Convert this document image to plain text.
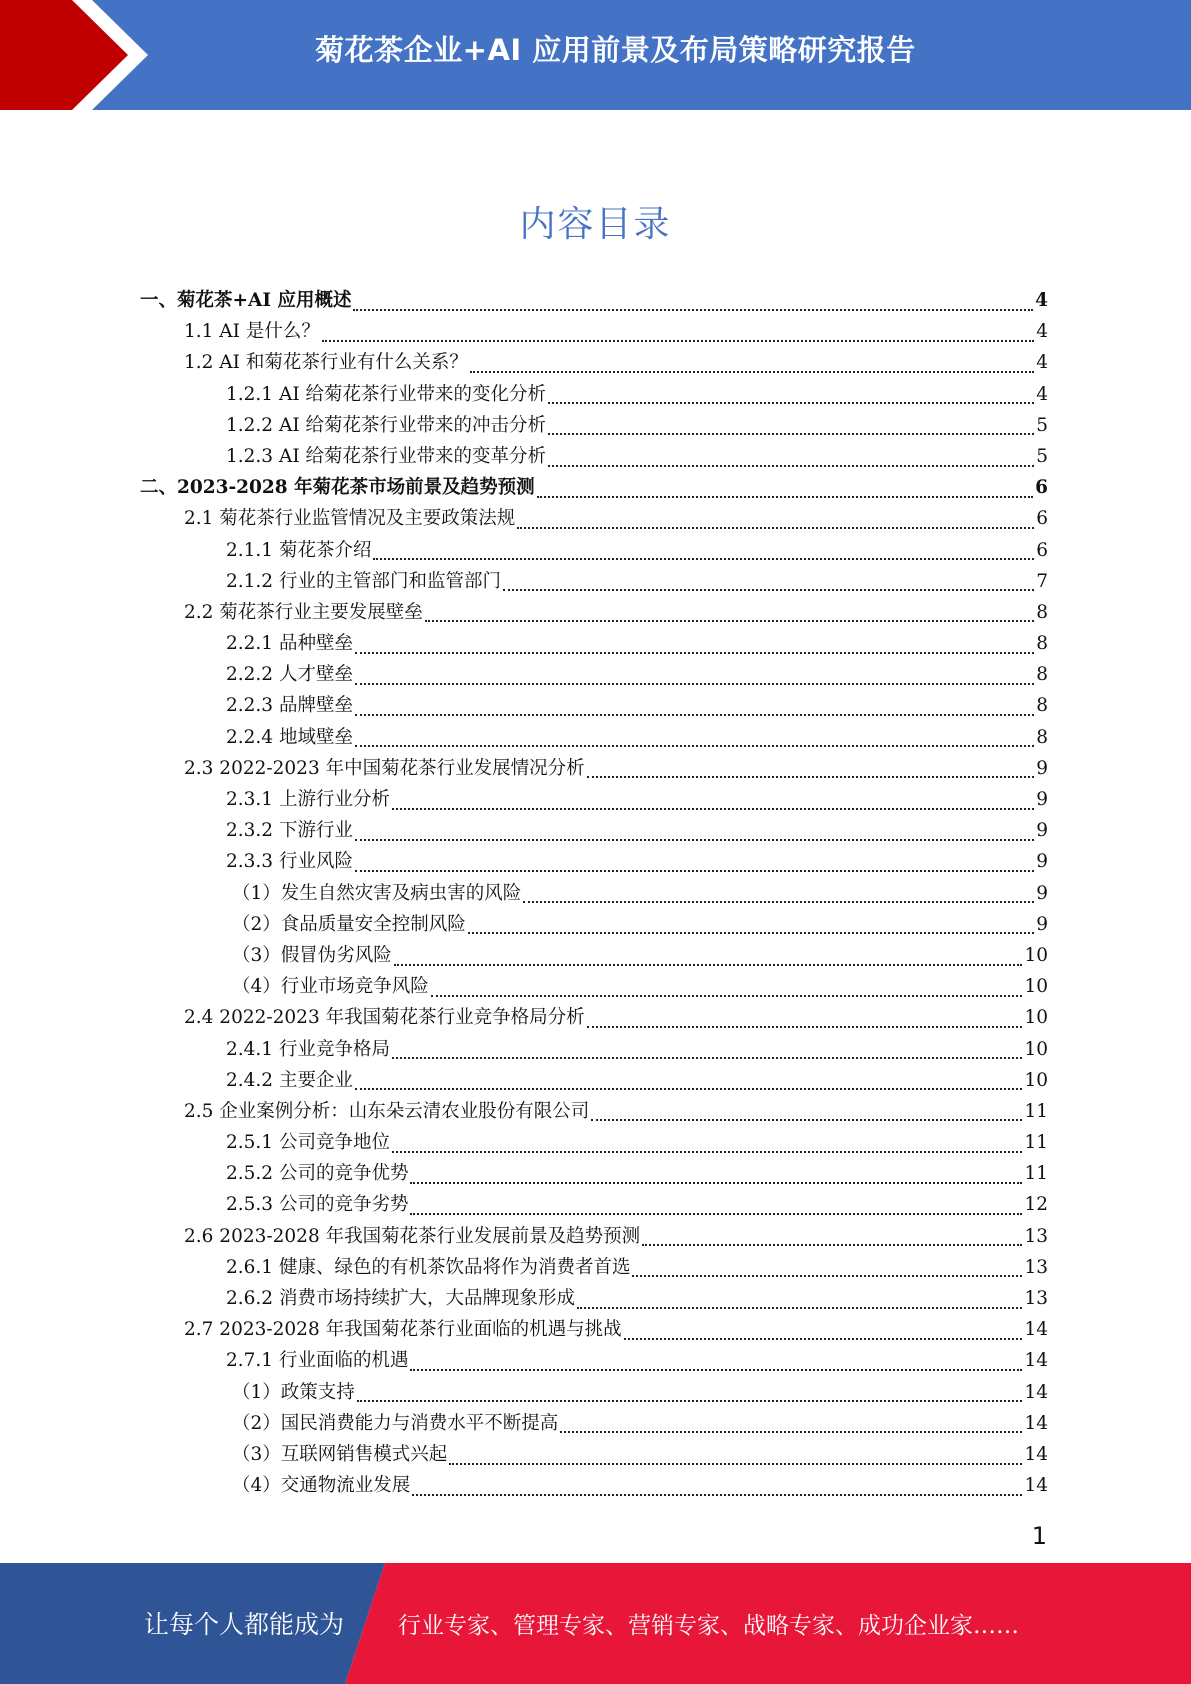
菊花茶企业+AI 应用前景及布局策略研究报告
内容目录
一、菊花茶+AI 应用概述	4
1.1 AI 是什么？	4
1.2 AI 和菊花茶行业有什么关系？	4
1.2.1 AI 给菊花茶行业带来的变化分析	4
1.2.2 AI 给菊花茶行业带来的冲击分析	5
1.2.3 AI 给菊花茶行业带来的变革分析	5
二、2023-2028 年菊花茶市场前景及趋势预测	6
2.1 菊花茶行业监管情况及主要政策法规	6
2.1.1 菊花茶介绍	6
2.1.2 行业的主管部门和监管部门	7
2.2 菊花茶行业主要发展壁垒	8
2.2.1 品种壁垒	8
2.2.2 人才壁垒	8
2.2.3 品牌壁垒	8
2.2.4 地域壁垒	8
2.3 2022-2023 年中国菊花茶行业发展情况分析	9
2.3.1 上游行业分析	9
2.3.2 下游行业	9
2.3.3 行业风险	9
（1）发生自然灾害及病虫害的风险	9
（2）食品质量安全控制风险	9
（3）假冒伪劣风险	10
（4）行业市场竞争风险	10
2.4 2022-2023 年我国菊花茶行业竞争格局分析	10
2.4.1 行业竞争格局	10
2.4.2 主要企业	10
2.5 企业案例分析：山东朵云清农业股份有限公司	11
2.5.1 公司竞争地位	11
2.5.2 公司的竞争优势	11
2.5.3 公司的竞争劣势	12
2.6 2023-2028 年我国菊花茶行业发展前景及趋势预测	13
2.6.1 健康、绿色的有机茶饮品将作为消费者首选	13
2.6.2 消费市场持续扩大，大品牌现象形成	13
2.7 2023-2028 年我国菊花茶行业面临的机遇与挑战	14
2.7.1 行业面临的机遇	14
（1）政策支持	14
（2）国民消费能力与消费水平不断提高	14
（3）互联网销售模式兴起	14
（4）交通物流业发展	14
1
让每个人都能成为 行业专家、管理专家、营销专家、战略专家、成功企业家……
